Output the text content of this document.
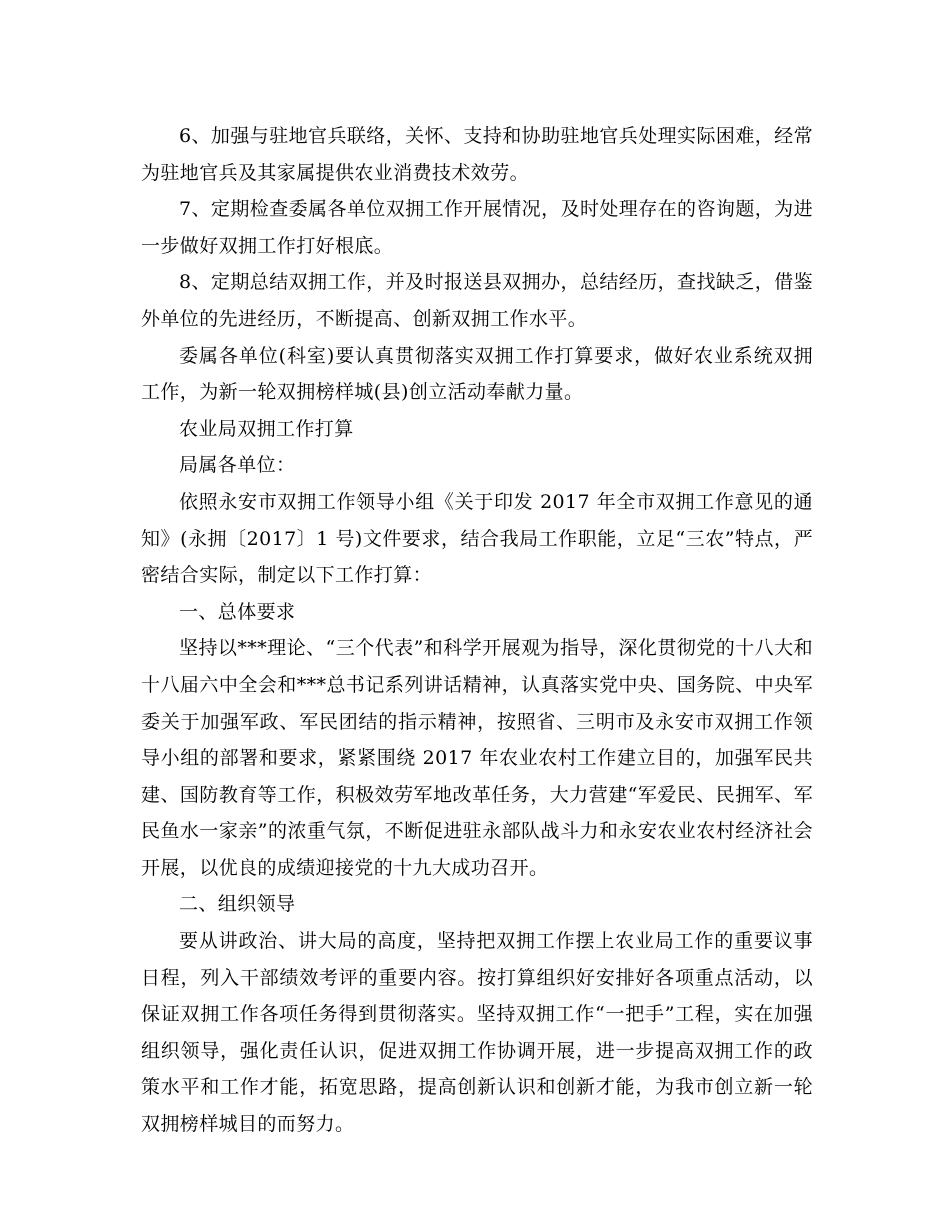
6、加强与驻地官兵联络，关怀、支持和协助驻地官兵处理实际困难，经常为驻地官兵及其家属提供农业消费技术效劳。

7、定期检查委属各单位双拥工作开展情况，及时处理存在的咨询题，为进一步做好双拥工作打好根底。

8、定期总结双拥工作，并及时报送县双拥办，总结经历，查找缺乏，借鉴外单位的先进经历，不断提高、创新双拥工作水平。

委属各单位(科室)要认真贯彻落实双拥工作打算要求，做好农业系统双拥工作，为新一轮双拥榜样城(县)创立活动奉献力量。

农业局双拥工作打算

局属各单位：

依照永安市双拥工作领导小组《关于印发 2017 年全市双拥工作意见的通知》(永拥〔2017〕1 号)文件要求，结合我局工作职能，立足“三农”特点，严密结合实际，制定以下工作打算：

一、总体要求

坚持以***理论、“三个代表”和科学开展观为指导，深化贯彻党的十八大和十八届六中全会和***总书记系列讲话精神，认真落实党中央、国务院、中央军委关于加强军政、军民团结的指示精神，按照省、三明市及永安市双拥工作领导小组的部署和要求，紧紧围绕 2017 年农业农村工作建立目的，加强军民共建、国防教育等工作，积极效劳军地改革任务，大力营建“军爱民、民拥军、军民鱼水一家亲”的浓重气氛，不断促进驻永部队战斗力和永安农业农村经济社会开展，以优良的成绩迎接党的十九大成功召开。

二、组织领导

要从讲政治、讲大局的高度，坚持把双拥工作摆上农业局工作的重要议事日程，列入干部绩效考评的重要内容。按打算组织好安排好各项重点活动，以保证双拥工作各项任务得到贯彻落实。坚持双拥工作“一把手”工程，实在加强组织领导，强化责任认识，促进双拥工作协调开展，进一步提高双拥工作的政策水平和工作才能，拓宽思路，提高创新认识和创新才能，为我市创立新一轮双拥榜样城目的而努力。
